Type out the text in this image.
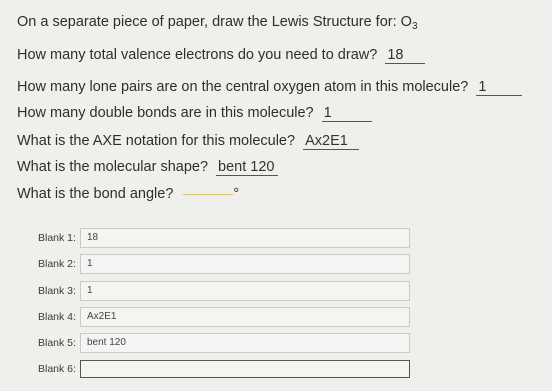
On a separate piece of paper, draw the Lewis Structure for: $O_3$
How many total valence electrons do you need to draw? 18
How many lone pairs are on the central oxygen atom in this molecule? 1
How many double bonds are in this molecule? 1
What is the AXE notation for this molecule? Ax2E1
What is the molecular shape? bent 120
What is the bond angle?	°
Blank 1:	18
Blank 2:	1
Blank 3:	1
Blank 4:	Ax2E1
Blank 5:	bent 120
Blank 6:
